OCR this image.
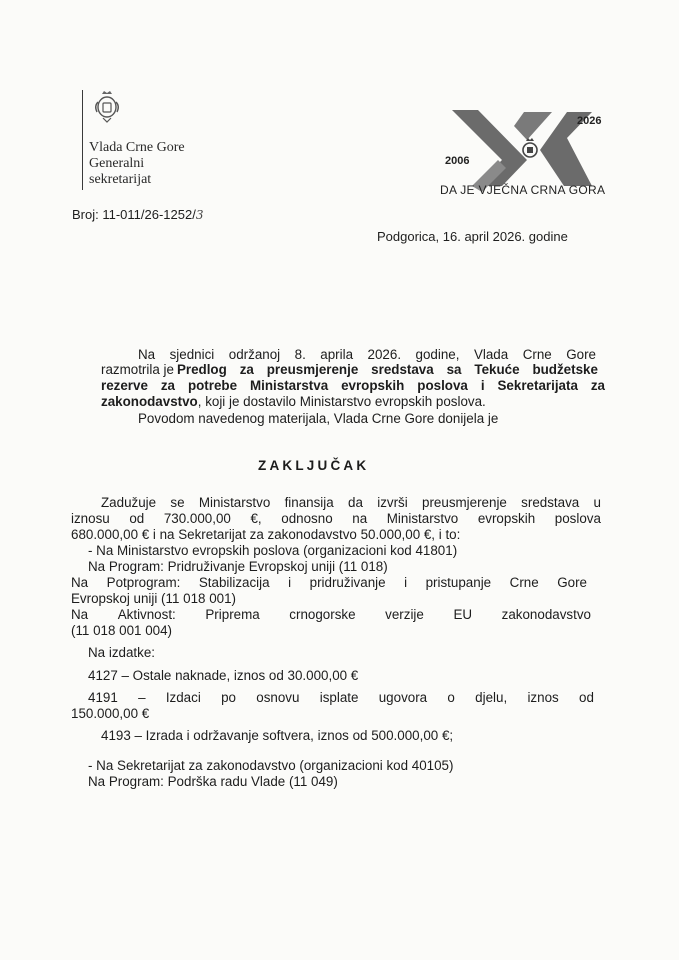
Vlada Crne Gore
Generalni
sekretarijat
2006
2026
DA JE VJEČNA CRNA GORA
Broj: 11-011/26-1252/3
Podgorica, 16. april 2026. godine
Na sjednici održanoj 8. aprila 2026. godine, Vlada Crne Gore
razmotrila je Predlog za preusmjerenje sredstava sa Tekuće budžetske
rezerve za potrebe Ministarstva evropskih poslova i Sekretarijata za
zakonodavstvo, koji je dostavilo Ministarstvo evropskih poslova.
Povodom navedenog materijala, Vlada Crne Gore donijela je
ZAKLJUČAK
Zadužuje se Ministarstvo finansija da izvrši preusmjerenje sredstava u
iznosu od 730.000,00 €, odnosno na Ministarstvo evropskih poslova
680.000,00 € i na Sekretarijat za zakonodavstvo 50.000,00 €, i to:
- Na Ministarstvo evropskih poslova (organizacioni kod 41801)
Na Program: Pridruživanje Evropskoj uniji (11 018)
Na Potprogram: Stabilizacija i pridruživanje i pristupanje Crne Gore
Evropskoj uniji (11 018 001)
Na Aktivnost: Priprema crnogorske verzije EU zakonodavstvo
(11 018 001 004)
Na izdatke:
4127 – Ostale naknade, iznos od 30.000,00 €
4191 – Izdaci po osnovu isplate ugovora o djelu, iznos od
150.000,00 €
4193 – Izrada i održavanje softvera, iznos od 500.000,00 €;
- Na Sekretarijat za zakonodavstvo (organizacioni kod 40105)
Na Program: Podrška radu Vlade (11 049)
